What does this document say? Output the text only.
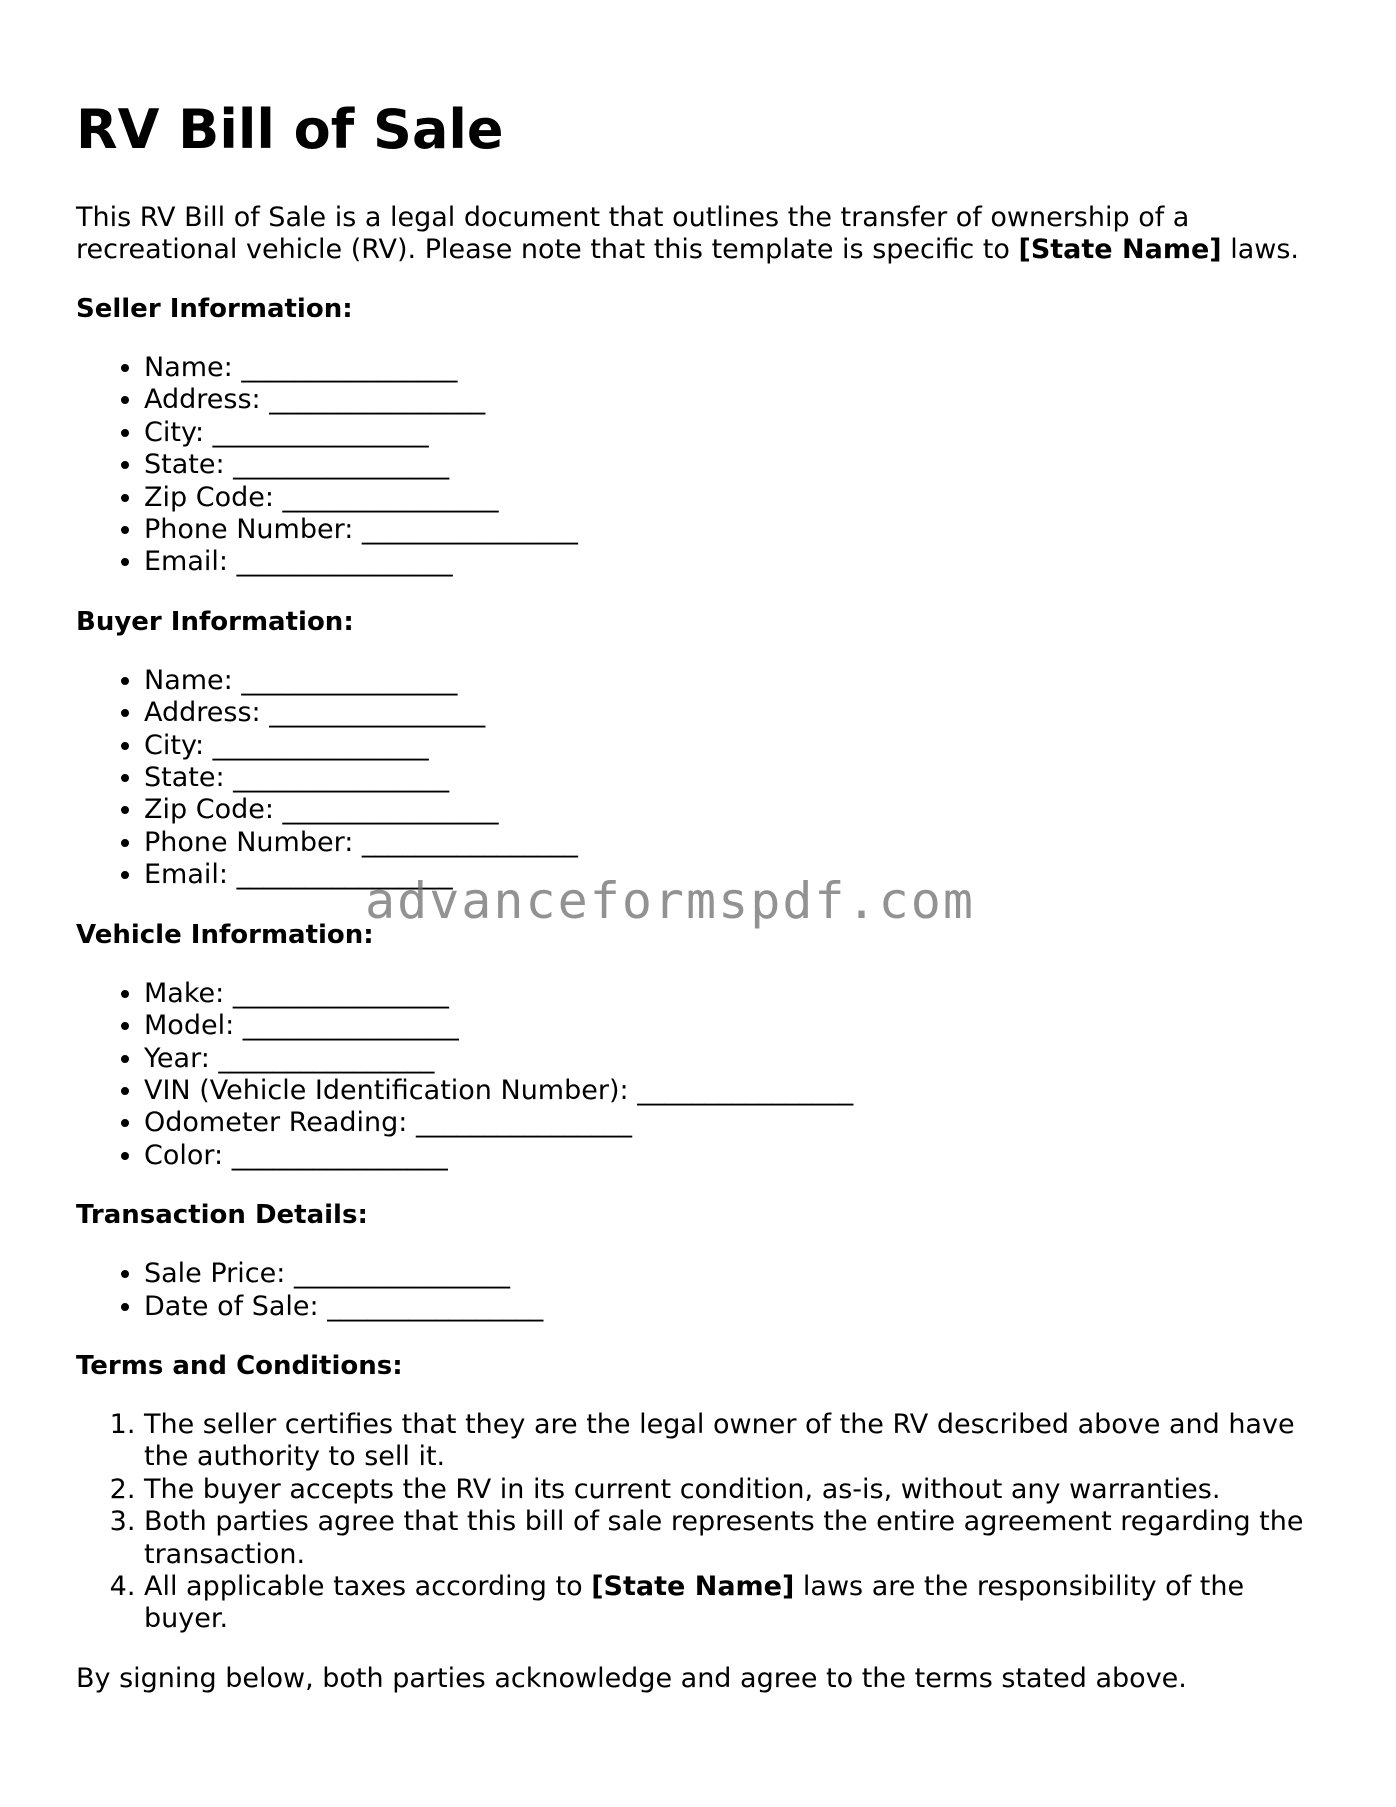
RV Bill of Sale

This RV Bill of Sale is a legal document that outlines the transfer of ownership of a recreational vehicle (RV). Please note that this template is specific to [State Name] laws.

Seller Information:
• Name: ________________
• Address: ________________
• City: ________________
• State: ________________
• Zip Code: ________________
• Phone Number: ________________
• Email: ________________
Buyer Information:
• Name: ________________
• Address: ________________
• City: ________________
• State: ________________
• Zip Code: ________________
• Phone Number: ________________
• Email: ________________
Vehicle Information:
• Make: ________________
• Model: ________________
• Year: ________________
• VIN (Vehicle Identification Number): ________________
• Odometer Reading: ________________
• Color: ________________
Transaction Details:
• Sale Price: ________________
• Date of Sale: ________________
Terms and Conditions:
1. The seller certifies that they are the legal owner of the RV described above and have the authority to sell it.
2. The buyer accepts the RV in its current condition, as-is, without any warranties.
3. Both parties agree that this bill of sale represents the entire agreement regarding the transaction.
4. All applicable taxes according to [State Name] laws are the responsibility of the buyer.

By signing below, both parties acknowledge and agree to the terms stated above.

advanceformspdf.com
